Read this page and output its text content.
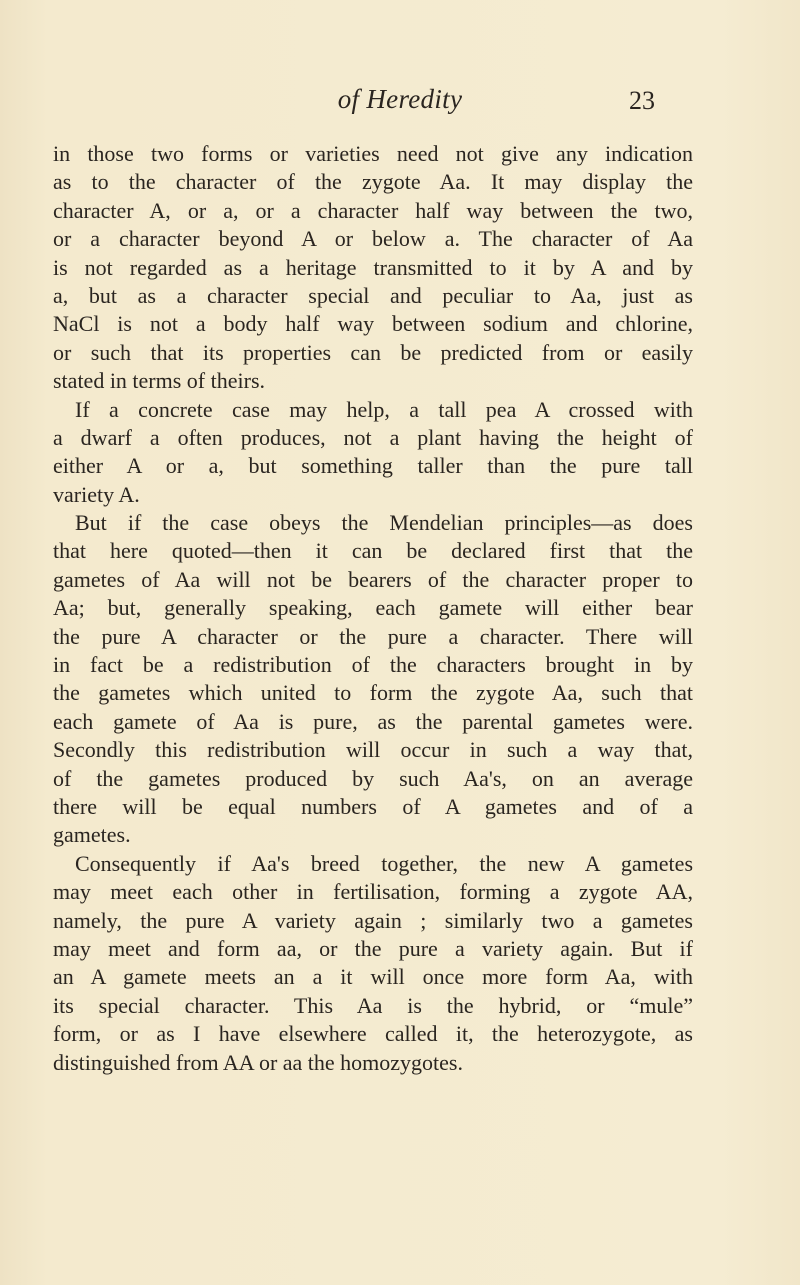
of Heredity	23
in those two forms or varieties need not give any indication
as to the character of the zygote Aa. It may display the
character A, or a, or a character half way between the two,
or a character beyond A or below a. The character of Aa
is not regarded as a heritage transmitted to it by A and by
a, but as a character special and peculiar to Aa, just as
NaCl is not a body half way between sodium and chlorine,
or such that its properties can be predicted from or easily
stated in terms of theirs.
If a concrete case may help, a tall pea A crossed with
a dwarf a often produces, not a plant having the height of
either A or a, but something taller than the pure tall
variety A.
But if the case obeys the Mendelian principles—as does
that here quoted—then it can be declared first that the
gametes of Aa will not be bearers of the character proper to
Aa; but, generally speaking, each gamete will either bear
the pure A character or the pure a character. There will
in fact be a redistribution of the characters brought in by
the gametes which united to form the zygote Aa, such that
each gamete of Aa is pure, as the parental gametes were.
Secondly this redistribution will occur in such a way that,
of the gametes produced by such Aa's, on an average
there will be equal numbers of A gametes and of a
gametes.
Consequently if Aa's breed together, the new A gametes
may meet each other in fertilisation, forming a zygote AA,
namely, the pure A variety again ; similarly two a gametes
may meet and form aa, or the pure a variety again. But if
an A gamete meets an a it will once more form Aa, with
its special character. This Aa is the hybrid, or “mule”
form, or as I have elsewhere called it, the heterozygote, as
distinguished from AA or aa the homozygotes.
